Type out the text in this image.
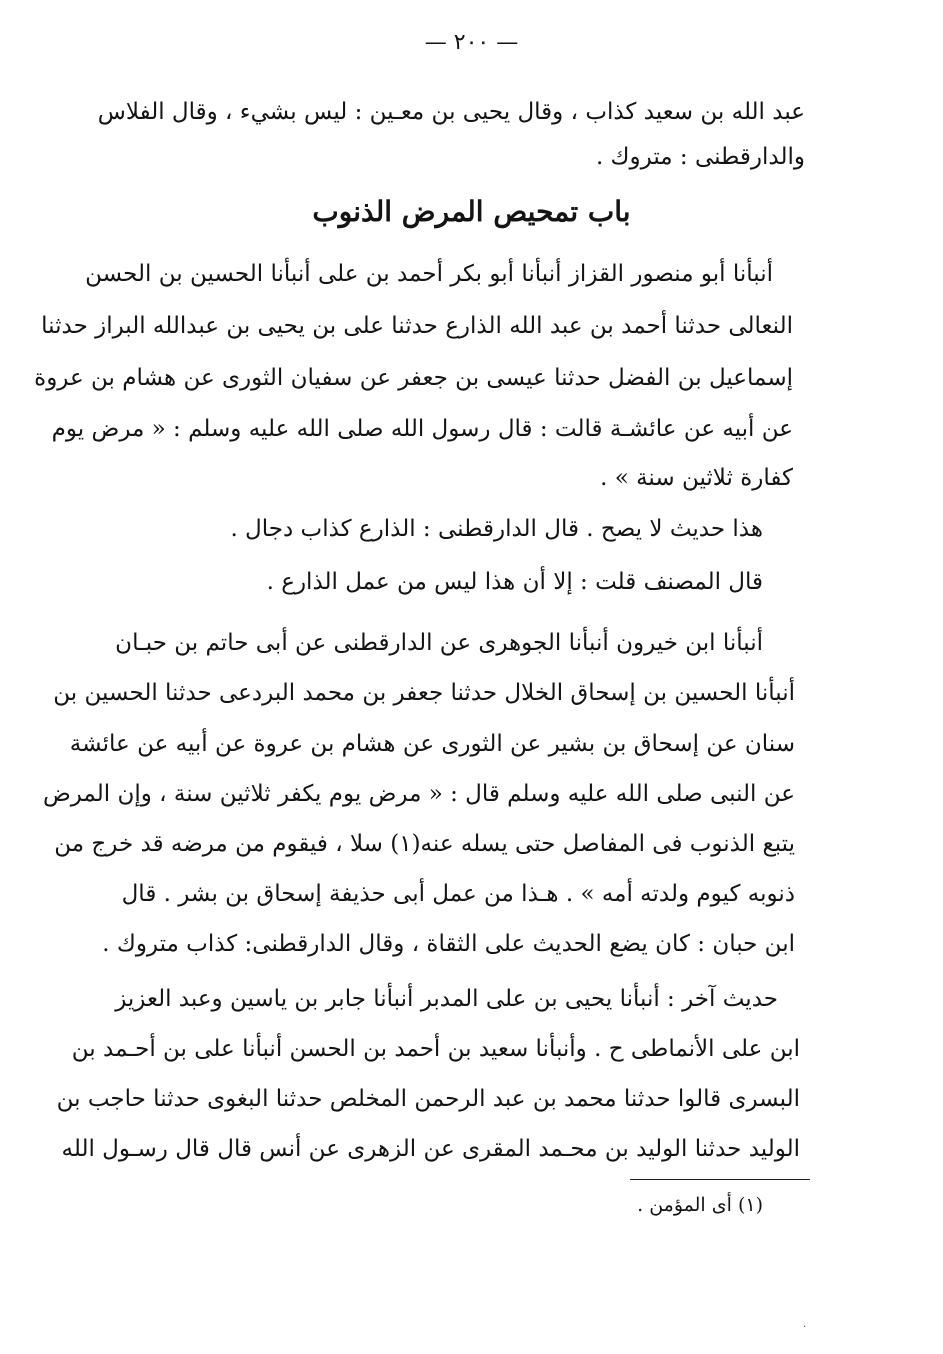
— ٢٠٠ —
عبد الله بن سعيد كذاب ، وقال يحيى بن معـين : ليس بشيء ، وقال الفلاس
والدارقطنى : متروك .
باب تمحيص المرض الذنوب
أنبأنا أبو منصور القزاز أنبأنا أبو بكر أحمد بن على أنبأنا الحسين بن الحسن
النعالى حدثنا أحمد بن عبد الله الذارع حدثنا على بن يحيى بن عبدالله البراز حدثنا
إسماعيل بن الفضل حدثنا عيسى بن جعفر عن سفيان الثورى عن هشام بن عروة
عن أبيه عن عائشـة قالت : قال رسول الله صلى الله عليه وسلم : « مرض يوم
كفارة ثلاثين سنة » .
هذا حديث لا يصح . قال الدارقطنى : الذارع كذاب دجال .
قال المصنف قلت : إلا أن هذا ليس من عمل الذارع .
أنبأنا ابن خيرون أنبأنا الجوهرى عن الدارقطنى عن أبى حاتم بن حبـان
أنبأنا الحسين بن إسحاق الخلال حدثنا جعفر بن محمد البردعى حدثنا الحسين بن
سنان عن إسحاق بن بشير عن الثورى عن هشام بن عروة عن أبيه عن عائشة
عن النبى صلى الله عليه وسلم قال : « مرض يوم يكفر ثلاثين سنة ، وإن المرض
يتبع الذنوب فى المفاصل حتى يسله عنه(١) سلا ، فيقوم من مرضه قد خرج من
ذنوبه كيوم ولدته أمه » . هـذا من عمل أبى حذيفة إسحاق بن بشر . قال
ابن حبان : كان يضع الحديث على الثقاة ، وقال الدارقطنى: كذاب متروك .
حديث آخر : أنبأنا يحيى بن على المدبر أنبأنا جابر بن ياسين وعبد العزيز
ابن على الأنماطى ح . وأنبأنا سعيد بن أحمد بن الحسن أنبأنا على بن أحـمد بن
البسرى قالوا حدثنا محمد بن عبد الرحمن المخلص حدثنا البغوى حدثنا حاجب بن
الوليد حدثنا الوليد بن محـمد المقرى عن الزهرى عن أنس قال قال رسـول الله
(١) أى المؤمن .
·
